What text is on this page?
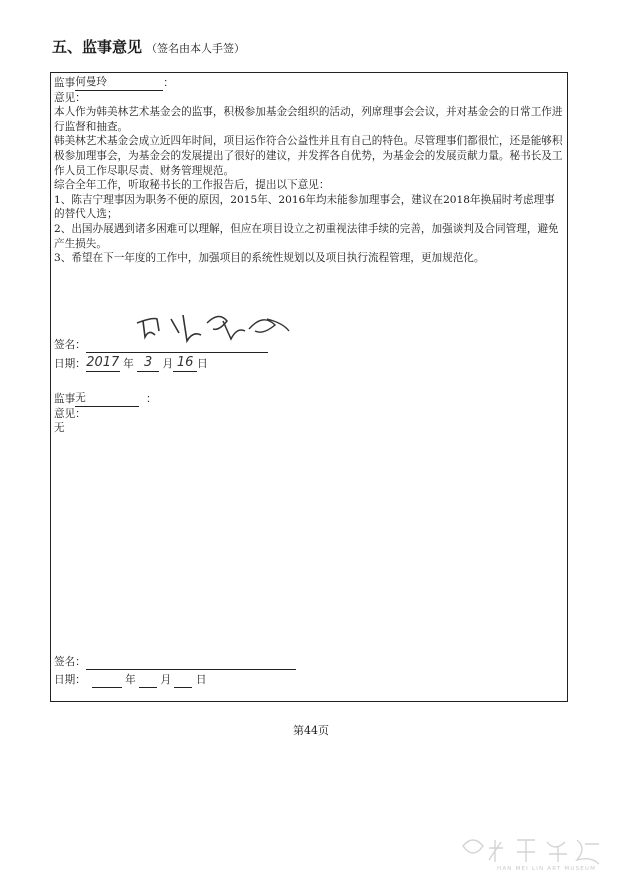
五、监事意见 （签名由本人手签）
监事何曼玲	：
意见：
本人作为韩美林艺术基金会的监事，积极参加基金会组织的活动，列席理事会会议，并对基金会的日常工作进行监督和抽查。
韩美林艺术基金会成立近四年时间，项目运作符合公益性并且有自己的特色。尽管理事们都很忙，还是能够积极参加理事会，为基金会的发展提出了很好的建议，并发挥各自优势，为基金会的发展贡献力量。秘书长及工作人员工作尽职尽责、财务管理规范。
综合全年工作，听取秘书长的工作报告后，提出以下意见：
1、陈吉宁理事因为职务不便的原因，2015年、2016年均未能参加理事会，建议在2018年换届时考虑理事的替代人选；
2、出国办展遇到诸多困难可以理解，但应在项目设立之初重视法律手续的完善，加强谈判及合同管理，避免产生损失。
3、希望在下一年度的工作中，加强项目的系统性规划以及项目执行流程管理，更加规范化。
签名：
日期：2017 年 3 月 16 日
监事无	：
意见：
无
签名：
日期：	年 月 日
第44页
HAN MEI LIN ART MUSEUM
